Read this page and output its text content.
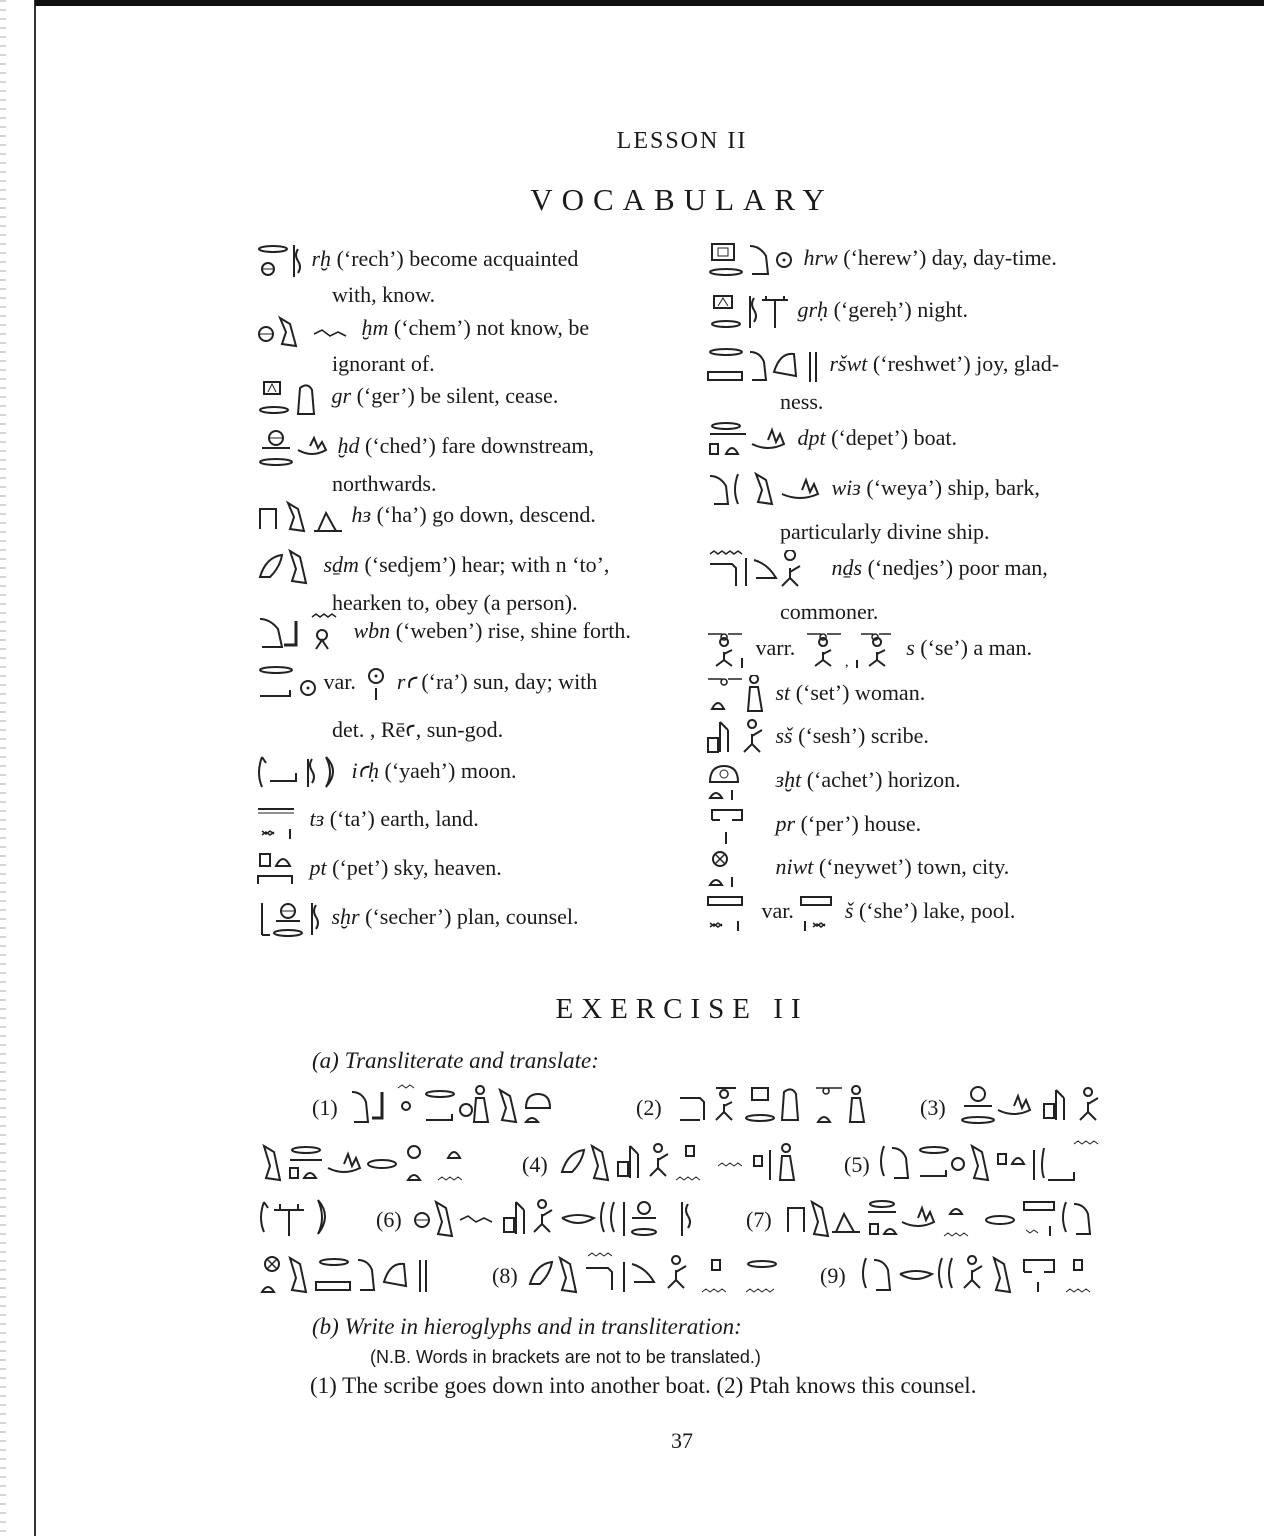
LESSON II
VOCABULARY
rḫ (‘rech’) become acquainted
with, know.
ḫm (‘chem’) not know, be
ignorant of.
gr (‘ger’) be silent, cease.
ḫd (‘ched’) fare downstream,
northwards.
hɜ (‘ha’) go down, descend.
sḏm (‘sedjem’) hear; with n ‘to’,
hearken to, obey (a person).
wbn (‘weben’) rise, shine forth.
var. rꜥ (‘ra’) sun, day; with
det. , Rēꜥ, sun-god.
iꜥḥ (‘yaeh’) moon.
tɜ (‘ta’) earth, land.
pt (‘pet’) sky, heaven.
sḫr (‘secher’) plan, counsel.
hrw (‘herew’) day, day-time.
grḥ (‘gereḥ’) night.
ršwt (‘reshwet’) joy, glad-
ness.
dpt (‘depet’) boat.
wiɜ (‘weya’) ship, bark,
particularly divine ship.
nḏs (‘nedjes’) poor man,
commoner.
varr.
,
s (‘se’) a man.
st (‘set’) woman.
sš (‘sesh’) scribe.
ɜḫt (‘achet’) horizon.
pr (‘per’) house.
niwt (‘neywet’) town, city.
var. š (‘she’) lake, pool.
EXERCISE II
(a) Transliterate and translate:
(1)	(2)	(3)
(4)	(5)
(6)	(7)
(8)	(9)
(b) Write in hieroglyphs and in transliteration:
(N.B. Words in brackets are not to be translated.)
(1) The scribe goes down into another boat. (2) Ptah knows this counsel.
37
